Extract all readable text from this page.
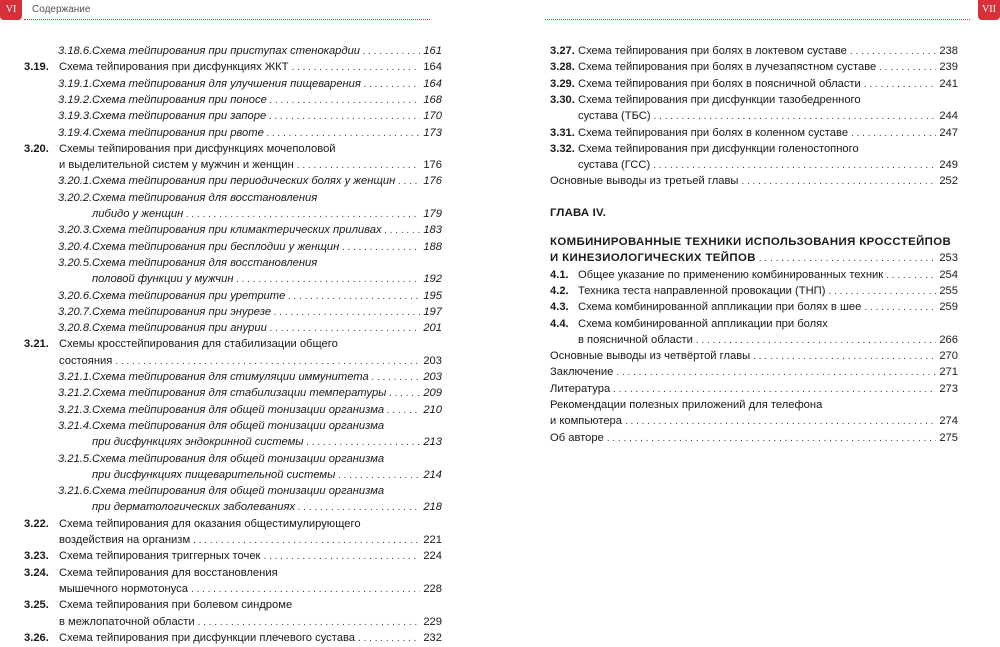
VI	Содержание	VII
3.18.6. Схема тейпирования при приступах стенокардии . . .	161
3.19. Схема тейпирования при дисфункциях ЖКТ . . .	164
3.19.1. Схема тейпирования для улучшения пищеварения . . .	164
3.19.2. Схема тейпирования при поносе . . .	168
3.19.3. Схема тейпирования при запоре . . .	170
3.19.4. Схема тейпирования при рвоте . . .	173
3.20. Схемы тейпирования при дисфункциях мочеполовой
и выделительной систем у мужчин и женщин . . .	176
3.20.1. Схема тейпирования при периодических болях у женщин . . .	176
3.20.2. Схема тейпирования для восстановления
либидо у женщин . . .	179
3.20.3. Схема тейпирования при климактерических приливах . . .	183
3.20.4. Схема тейпирования при бесплодии у женщин . . .	188
3.20.5. Схема тейпирования для восстановления
половой функции у мужчин . . .	192
3.20.6. Схема тейпирования при уретрите . . .	195
3.20.7. Схема тейпирования при энурезе . . .	197
3.20.8. Схема тейпирования при анурии . . .	201
3.21. Схемы кросстейпирования для стабилизации общего
состояния . . .	203
3.21.1. Схема тейпирования для стимуляции иммунитета . . .	203
3.21.2. Схема тейпирования для стабилизации температуры . . .	209
3.21.3. Схема тейпирования для общей тонизации организма . . .	210
3.21.4. Схема тейпирования для общей тонизации организма
при дисфункциях эндокринной системы . . .	213
3.21.5. Схема тейпирования для общей тонизации организма
при дисфункциях пищеварительной системы . . .	214
3.21.6. Схема тейпирования для общей тонизации организма
при дерматологических заболеваниях . . .	218
3.22. Схема тейпирования для оказания общестимулирующего
воздействия на организм . . .	221
3.23. Схема тейпирования триггерных точек . . .	224
3.24. Схема тейпирования для восстановления
мышечного нормотонуса . . .	228
3.25. Схема тейпирования при болевом синдроме
в межлопаточной области . . .	229
3.26. Схема тейпирования при дисфункции плечевого сустава . . .	232
3.27. Схема тейпирования при болях в локтевом суставе . . .	238
3.28. Схема тейпирования при болях в лучезапястном суставе . . .	239
3.29. Схема тейпирования при болях в поясничной области . . .	241
3.30. Схема тейпирования при дисфункции тазобедренного
сустава (ТБС) . . .	244
3.31. Схема тейпирования при болях в коленном суставе . . .	247
3.32. Схема тейпирования при дисфункции голеностопного
сустава (ГСС) . . .	249
Основные выводы из третьей главы . . .	252
ГЛАВА IV.
КОМБИНИРОВАННЫЕ ТЕХНИКИ ИСПОЛЬЗОВАНИЯ КРОССТЕЙПОВ
И КИНЕЗИОЛОГИЧЕСКИХ ТЕЙПОВ . . .	253
4.1. Общее указание по применению комбинированных техник . . .	254
4.2. Техника теста направленной провокации (ТНП) . . .	255
4.3. Схема комбинированной аппликации при болях в шее . . .	259
4.4. Схема комбинированной аппликации при болях
в поясничной области . . .	266
Основные выводы из четвёртой главы . . .	270
Заключение . . .	271
Литература . . .	273
Рекомендации полезных приложений для телефона
и компьютера . . .	274
Об авторе . . .	275
